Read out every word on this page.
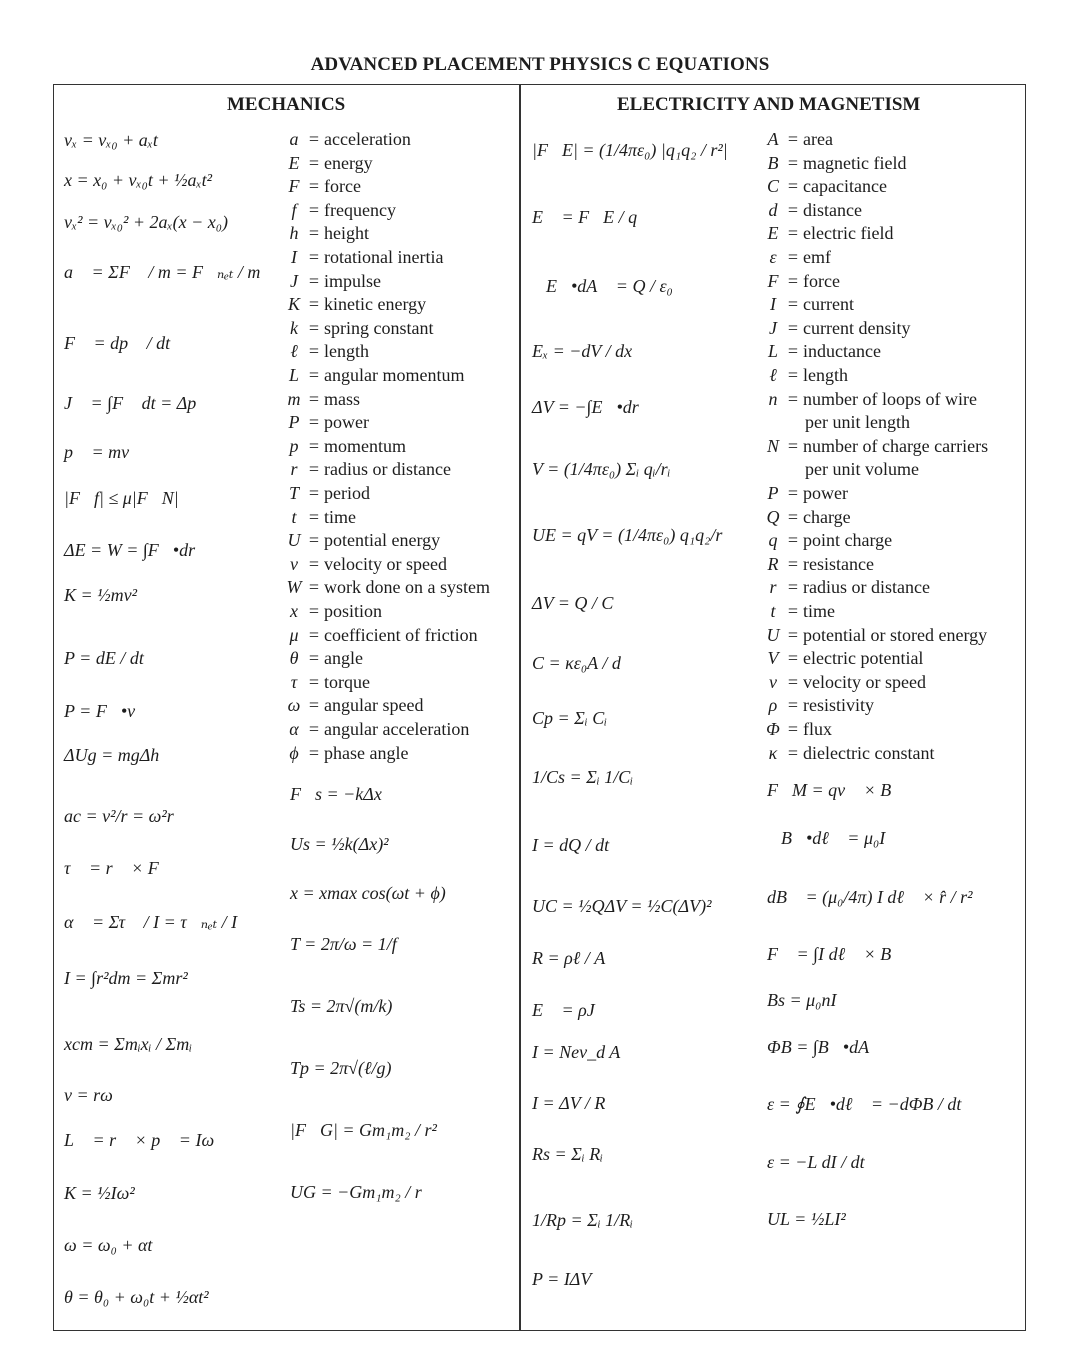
ADVANCED PLACEMENT PHYSICS C EQUATIONS
MECHANICS	ELECTRICITY AND MAGNETISM
vₓ = vₓ₀ + aₓt
x = x₀ + vₓ₀t + ½aₓt²
vₓ² = vₓ₀² + 2aₓ(x − x₀)
a⃗ = ΣF⃗ / m = F⃗ₙₑₜ / m
F⃗ = dp⃗ / dt
J⃗ = ∫F⃗ dt = Δp⃗
p⃗ = mv⃗
|F⃗f| ≤ μ|F⃗N|
ΔE = W = ∫F⃗•dr⃗
K = ½mv²
P = dE / dt
P = F⃗•v⃗
ΔUg = mgΔh
ac = v²/r = ω²r
τ⃗ = r⃗ × F⃗
α⃗ = Στ⃗ / I = τ⃗ₙₑₜ / I
I = ∫r²dm = Σmr²
xcm = Σmᵢxᵢ / Σmᵢ
v = rω
L⃗ = r⃗ × p⃗ = Iω⃗
K = ½Iω²
ω = ω₀ + αt
θ = θ₀ + ω₀t + ½αt²
a = acceleration
E = energy
F = force
f = frequency
h = height
I = rotational inertia
J = impulse
K = kinetic energy
k = spring constant
ℓ = length
L = angular momentum
m = mass
P = power
p = momentum
r = radius or distance
T = period
t = time
U = potential energy
v = velocity or speed
W = work done on a system
x = position
μ = coefficient of friction
θ = angle
τ = torque
ω = angular speed
α = angular acceleration
ϕ = phase angle
F⃗s = −kΔx⃗
Us = ½k(Δx)²
x = xmax cos(ωt + ϕ)
T = 2π/ω = 1/f
Ts = 2π√(m/k)
Tp = 2π√(ℓ/g)
|F⃗G| = Gm₁m₂ / r²
UG = −Gm₁m₂ / r
|F⃗E| = (1/4πε₀) |q₁q₂ / r²|
E⃗ = F⃗E / q
∮E⃗•dA⃗ = Q / ε₀
Eₓ = −dV / dx
ΔV = −∫E⃗•dr⃗
V = (1/4πε₀) Σᵢ qᵢ/rᵢ
UE = qV = (1/4πε₀) q₁q₂/r
ΔV = Q / C
C = κε₀A / d
Cp = Σᵢ Cᵢ
1/Cs = Σᵢ 1/Cᵢ
I = dQ / dt
UC = ½QΔV = ½C(ΔV)²
R = ρℓ / A
E⃗ = ρJ⃗
I = Nev_d A
I = ΔV / R
Rs = Σᵢ Rᵢ
1/Rp = Σᵢ 1/Rᵢ
P = IΔV
A = area
B = magnetic field
C = capacitance
d = distance
E = electric field
ε = emf
F = force
I = current
J = current density
L = inductance
ℓ = length
n = number of loops of wire
per unit length
N = number of charge carriers
per unit volume
P = power
Q = charge
q = point charge
R = resistance
r = radius or distance
t = time
U = potential or stored energy
V = electric potential
v = velocity or speed
ρ = resistivity
Φ = flux
κ = dielectric constant
F⃗M = qv⃗ × B⃗
∮B⃗•dℓ⃗ = μ₀I
dB⃗ = (μ₀/4π) I dℓ⃗ × r̂ / r²
F⃗ = ∫I dℓ⃗ × B⃗
Bs = μ₀nI
ΦB = ∫B⃗•dA⃗
ε = ∮E⃗•dℓ⃗ = −dΦB / dt
ε = −L dI / dt
UL = ½LI²
